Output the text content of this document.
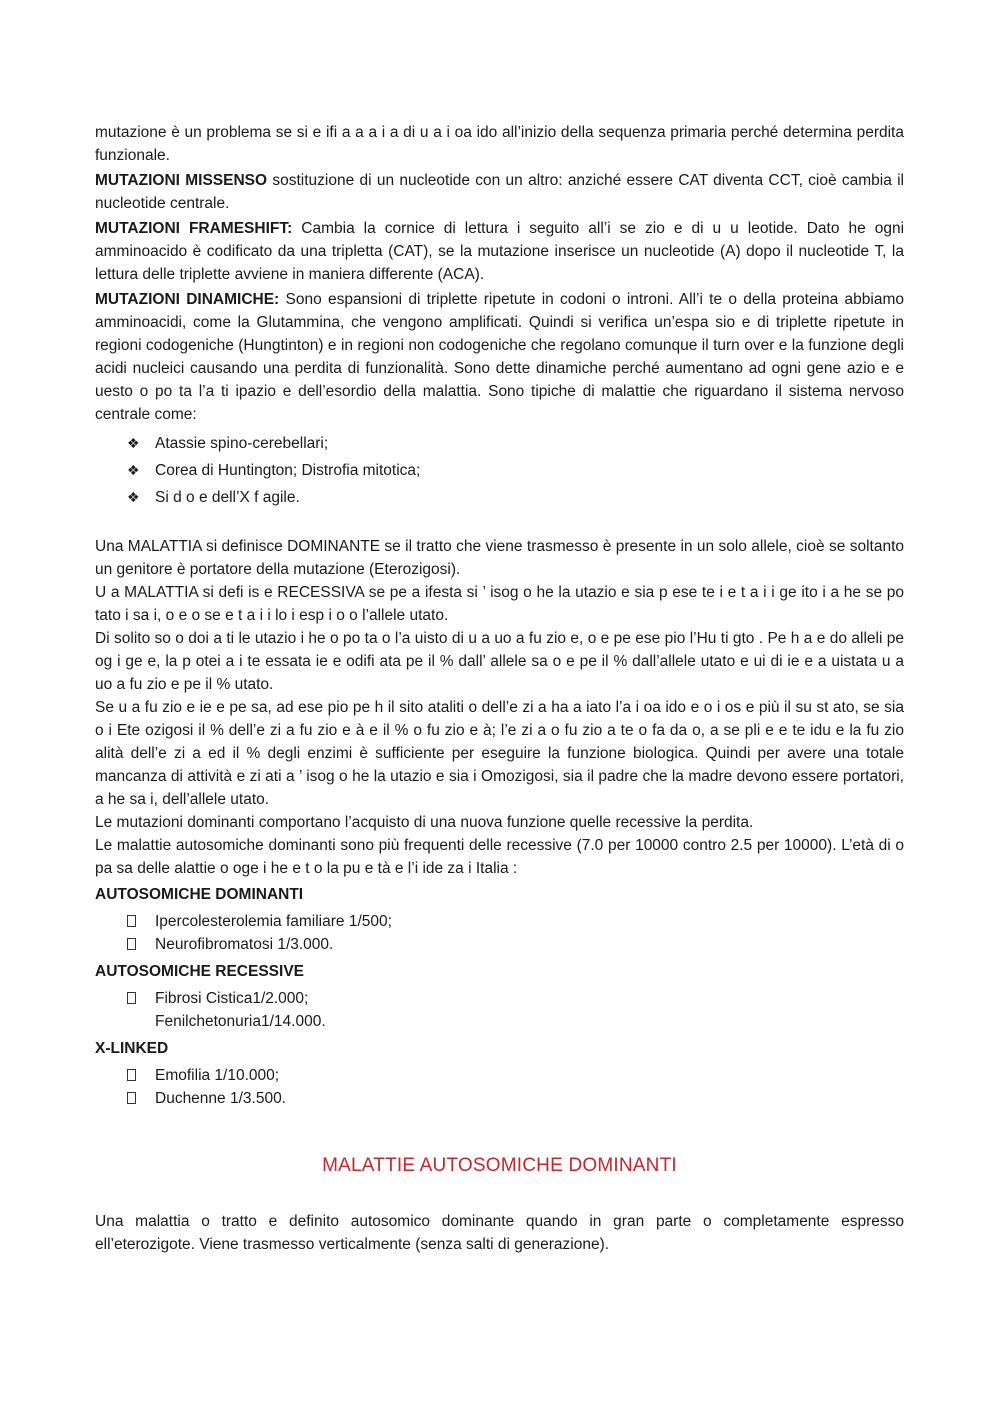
mutazione è un problema se si e ifi a a a i a di u a i oa ido all’inizio della sequenza primaria perché determina perdita funzionale.

MUTAZIONI MISSENSO sostituzione di un nucleotide con un altro: anziché essere CAT diventa CCT, cioè cambia il nucleotide centrale.

MUTAZIONI FRAMESHIFT: Cambia la cornice di lettura i seguito all’i se zio e di u u leotide. Dato he ogni amminoacido è codificato da una tripletta (CAT), se la mutazione inserisce un nucleotide (A) dopo il nucleotide T, la lettura delle triplette avviene in maniera differente (ACA).

MUTAZIONI DINAMICHE: Sono espansioni di triplette ripetute in codoni o introni. All’i te o della proteina abbiamo amminoacidi, come la Glutammina, che vengono amplificati. Quindi si verifica un’espa sio e di triplette ripetute in regioni codogeniche (Hungtinton) e in regioni non codogeniche che regolano comunque il turn over e la funzione degli acidi nucleici causando una perdita di funzionalità. Sono dette dinamiche perché aumentano ad ogni gene azio e e uesto o po ta l’a ti ipazio e dell’esordio della malattia. Sono tipiche di malattie che riguardano il sistema nervoso centrale come:

❖ Atassie spino-cerebellari;
❖ Corea di Huntington; Distrofia mitotica;
❖ Si d o e dell’X f agile.

Una MALATTIA si definisce DOMINANTE se il tratto che viene trasmesso è presente in un solo allele, cioè se soltanto un genitore è portatore della mutazione (Eterozigosi).

U a MALATTIA si defi is e RECESSIVA se pe a ifesta si ’ isog o he la utazio e sia p ese te i e t a i i ge ito i a he se po tato i sa i, o e o se e t a i i lo i esp i o o l’allele utato.

Di solito so o doi a ti le utazio i he o po ta o l’a uisto di u a uo a fu zio e, o e pe ese pio l’Hu ti gto . Pe h a e do alleli pe og i ge e, la p otei a i te essata ie e odifi ata pe il % dall’ allele sa o e pe il % dall’allele utato e ui di ie e a uistata u a uo a fu zio e pe il % utato.

Se u a fu zio e ie e pe sa, ad ese pio pe h il sito ataliti o dell’e zi a ha a iato l’a i oa ido e o i os e più il su st ato, se sia o i Ete ozigosi il % dell’e zi a fu zio e à e il % o fu zio e à; l’e zi a o fu zio a te o fa da o, a se pli e e te idu e la fu zio alità dell’e zi a ed il % degli enzimi è sufficiente per eseguire la funzione biologica. Quindi per avere una totale mancanza di attività e zi ati a ’ isog o he la utazio e sia i Omozigosi, sia il padre che la madre devono essere portatori, a he sa i, dell’allele utato.

Le mutazioni dominanti comportano l’acquisto di una nuova funzione quelle recessive la perdita.

Le malattie autosomiche dominanti sono più frequenti delle recessive (7.0 per 10000 contro 2.5 per 10000). L’età di o pa sa delle alattie o oge i he e t o la pu e tà e l’i ide za i Italia :

AUTOSOMICHE DOMINANTI
Ipercolesterolemia familiare 1/500;
Neurofibromatosi 1/3.000.
AUTOSOMICHE RECESSIVE
Fibrosi Cistica1/2.000;
Fenilchetonuria1/14.000.
X-LINKED
Emofilia 1/10.000;
Duchenne 1/3.500.
MALATTIE AUTOSOMICHE DOMINANTI

Una malattia o tratto e definito autosomico dominante quando in gran parte o completamente espresso ell’eterozigote. Viene trasmesso verticalmente (senza salti di generazione).
